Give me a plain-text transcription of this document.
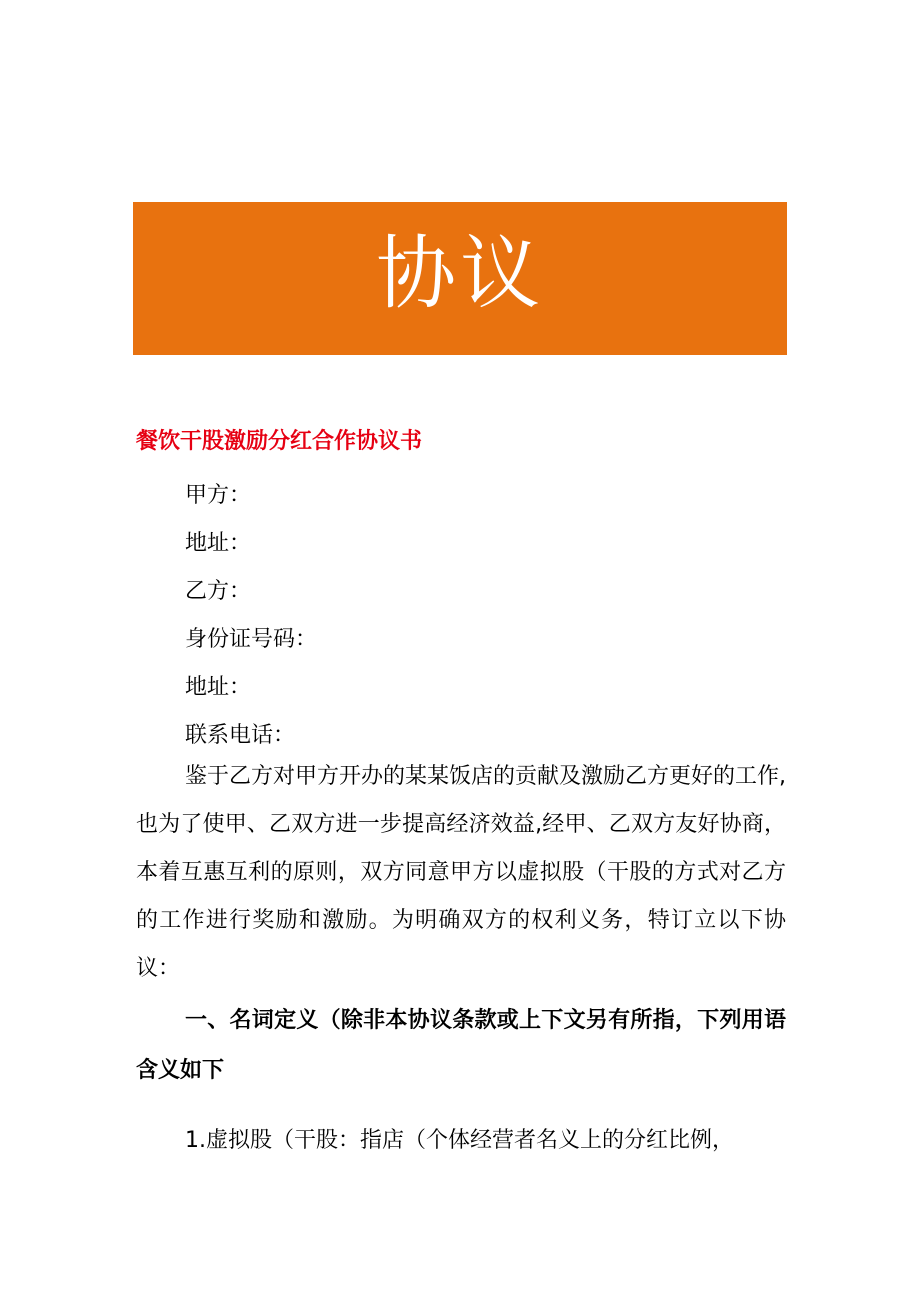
协议
餐饮干股激励分红合作协议书
甲方：
地址：
乙方：
身份证号码：
地址：
联系电话：

鉴于乙方对甲方开办的某某饭店的贡献及激励乙方更好的工作,也为了使甲、乙双方进一步提高经济效益,经甲、乙双方友好协商，本着互惠互利的原则，双方同意甲方以虚拟股（干股的方式对乙方的工作进行奖励和激励。为明确双方的权利义务，特订立以下协议：

一、名词定义（除非本协议条款或上下文另有所指，下列用语含义如下

1.虚拟股（干股：指店（个体经营者名义上的分红比例，
